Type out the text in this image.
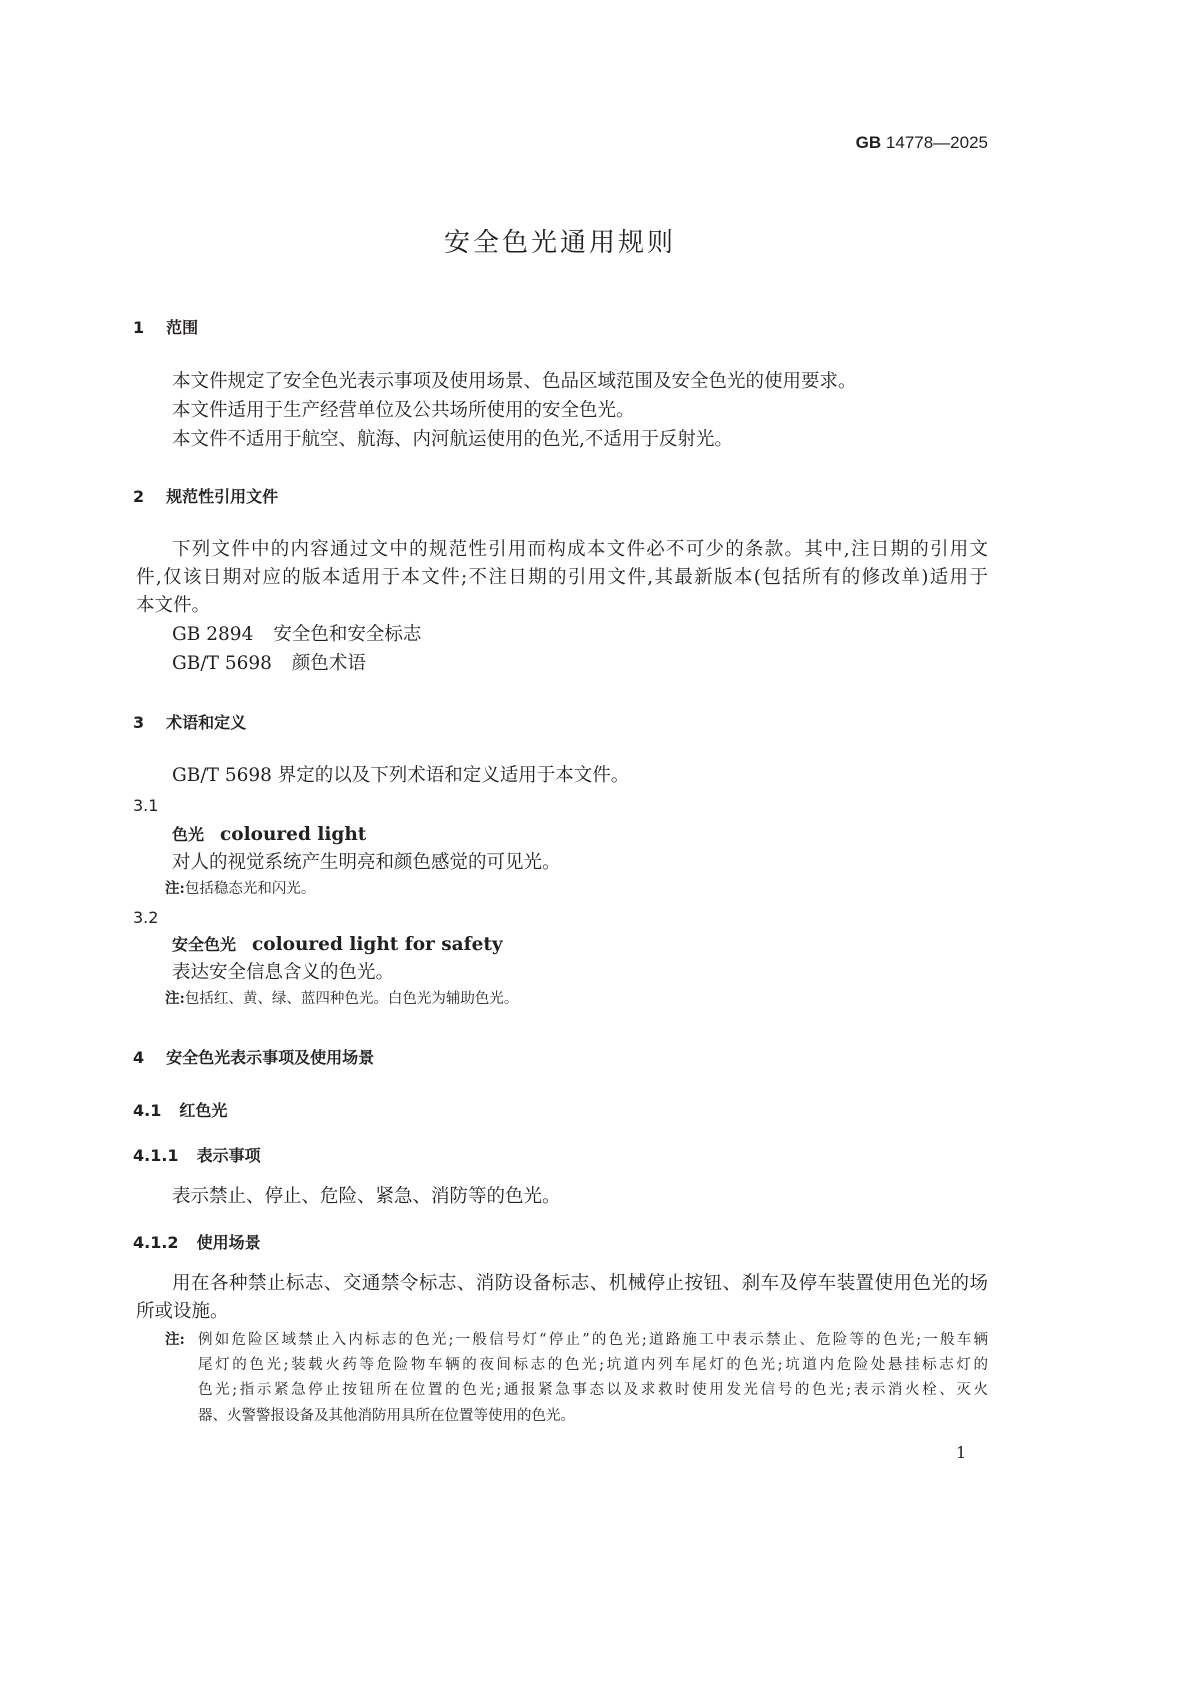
GB 14778—2025
安全色光通用规则
1 范围
本文件规定了安全色光表示事项及使用场景、色品区域范围及安全色光的使用要求。
本文件适用于生产经营单位及公共场所使用的安全色光。
本文件不适用于航空、航海、内河航运使用的色光,不适用于反射光。
2 规范性引用文件
下列文件中的内容通过文中的规范性引用而构成本文件必不可少的条款。其中,注日期的引用文
件,仅该日期对应的版本适用于本文件;不注日期的引用文件,其最新版本(包括所有的修改单)适用于
本文件。
GB 2894 安全色和安全标志
GB/T 5698 颜色术语
3 术语和定义
GB/T 5698 界定的以及下列术语和定义适用于本文件。
3.1
色光 coloured light
对人的视觉系统产生明亮和颜色感觉的可见光。
注:包括稳态光和闪光。
3.2
安全色光 coloured light for safety
表达安全信息含义的色光。
注:包括红、黄、绿、蓝四种色光。白色光为辅助色光。
4 安全色光表示事项及使用场景
4.1 红色光
4.1.1 表示事项
表示禁止、停止、危险、紧急、消防等的色光。
4.1.2 使用场景
用在各种禁止标志、交通禁令标志、消防设备标志、机械停止按钮、刹车及停车装置使用色光的场
所或设施。
注: 例如危险区域禁止入内标志的色光;一般信号灯“停止”的色光;道路施工中表示禁止、危险等的色光;一般车辆
尾灯的色光;装载火药等危险物车辆的夜间标志的色光;坑道内列车尾灯的色光;坑道内危险处悬挂标志灯的
色光;指示紧急停止按钮所在位置的色光;通报紧急事态以及求救时使用发光信号的色光;表示消火栓、灭火
器、火警警报设备及其他消防用具所在位置等使用的色光。
1
